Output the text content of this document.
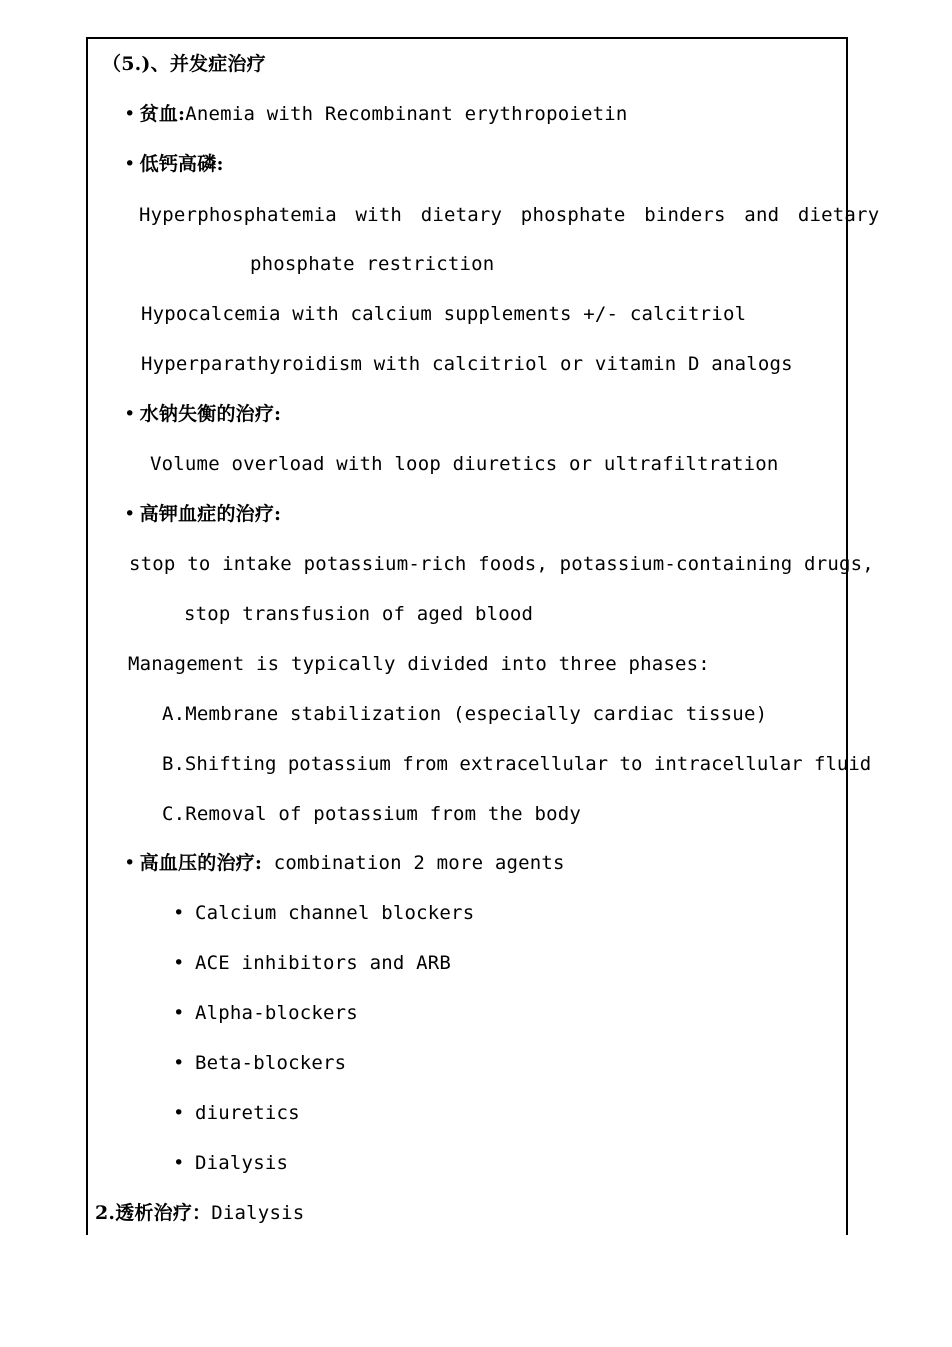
（5.)、并发症治疗
• 贫血:Anemia with Recombinant erythropoietin
• 低钙高磷:
Hyperphosphatemia with dietary phosphate binders and dietary
phosphate restriction
Hypocalcemia with calcium supplements +/- calcitriol
Hyperparathyroidism with calcitriol or vitamin D analogs
• 水钠失衡的治疗:
Volume overload with loop diuretics or ultrafiltration
• 高钾血症的治疗:
stop to intake potassium-rich foods, potassium-containing drugs,
stop transfusion of aged blood
Management is typically divided into three phases:
A.Membrane stabilization (especially cardiac tissue)
B.Shifting potassium from extracellular to intracellular fluid
C.Removal of potassium from the body
• 高血压的治疗: combination 2 more agents
• Calcium channel blockers
• ACE inhibitors and ARB
• Alpha-blockers
• Beta-blockers
• diuretics
• Dialysis
2.透析治疗：Dialysis
